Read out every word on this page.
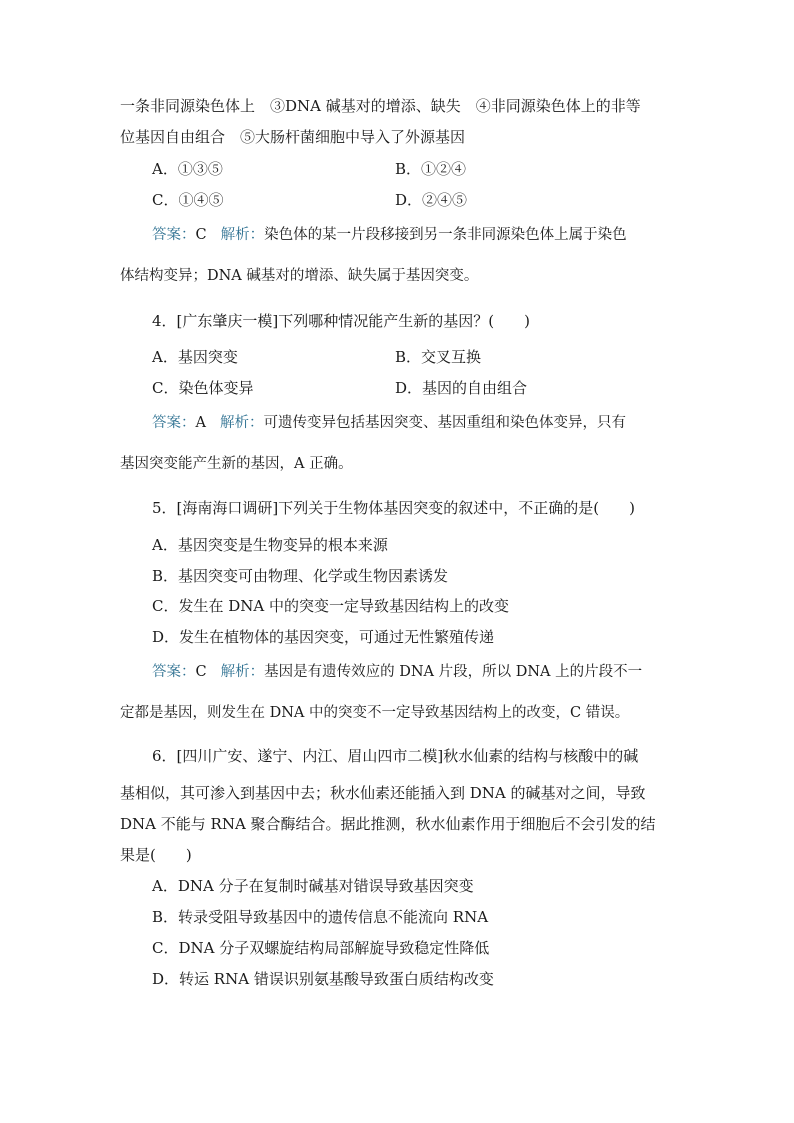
一条非同源染色体上　③DNA 碱基对的增添、缺失　④非同源染色体上的非等
位基因自由组合　⑤大肠杆菌细胞中导入了外源基因
A．①③⑤	B．①②④
C．①④⑤	D．②④⑤
答案：C 解析：染色体的某一片段移接到另一条非同源染色体上属于染色
体结构变异；DNA 碱基对的增添、缺失属于基因突变。
4．[广东肇庆一模]下列哪种情况能产生新的基因？(　　)
A．基因突变	B．交叉互换
C．染色体变异	D．基因的自由组合
答案：A 解析：可遗传变异包括基因突变、基因重组和染色体变异，只有
基因突变能产生新的基因，A 正确。
5．[海南海口调研]下列关于生物体基因突变的叙述中，不正确的是(　　)
A．基因突变是生物变异的根本来源
B．基因突变可由物理、化学或生物因素诱发
C．发生在 DNA 中的突变一定导致基因结构上的改变
D．发生在植物体的基因突变，可通过无性繁殖传递
答案：C 解析：基因是有遗传效应的 DNA 片段，所以 DNA 上的片段不一
定都是基因，则发生在 DNA 中的突变不一定导致基因结构上的改变，C 错误。
6．[四川广安、遂宁、内江、眉山四市二模]秋水仙素的结构与核酸中的碱
基相似，其可渗入到基因中去；秋水仙素还能插入到 DNA 的碱基对之间，导致
DNA 不能与 RNA 聚合酶结合。据此推测，秋水仙素作用于细胞后不会引发的结
果是(　　)
A．DNA 分子在复制时碱基对错误导致基因突变
B．转录受阻导致基因中的遗传信息不能流向 RNA
C．DNA 分子双螺旋结构局部解旋导致稳定性降低
D．转运 RNA 错误识别氨基酸导致蛋白质结构改变
